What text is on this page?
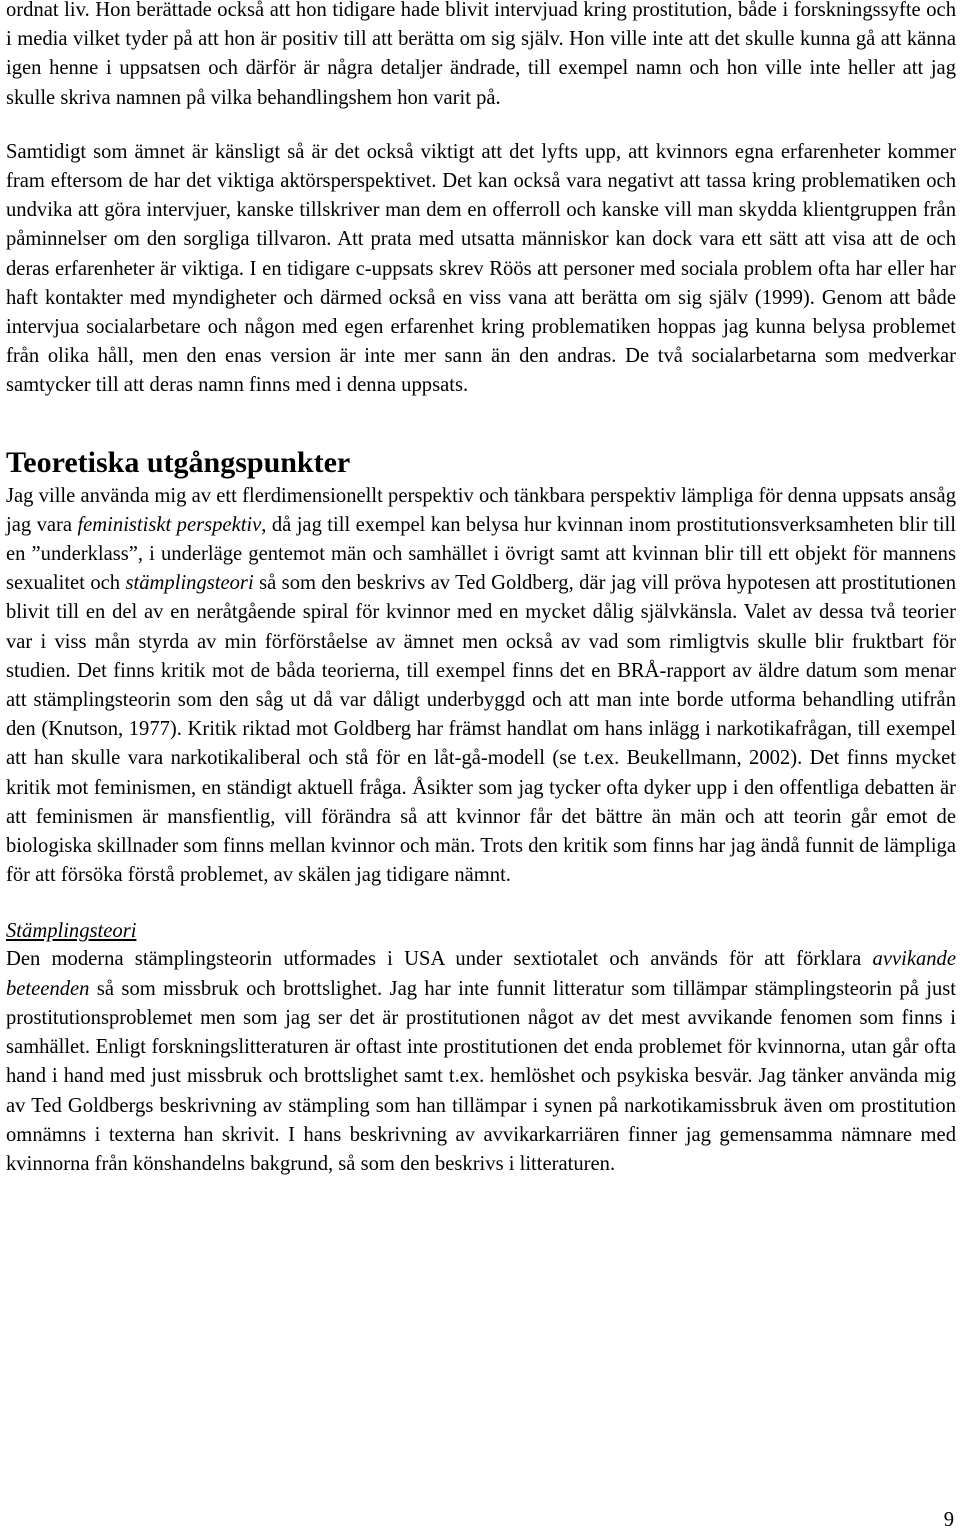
ordnat liv. Hon berättade också att hon tidigare hade blivit intervjuad kring prostitution, både i forskningssyfte och i media vilket tyder på att hon är positiv till att berätta om sig själv. Hon ville inte att det skulle kunna gå att känna igen henne i uppsatsen och därför är några detaljer ändrade, till exempel namn och hon ville inte heller att jag skulle skriva namnen på vilka behandlingshem hon varit på.

Samtidigt som ämnet är känsligt så är det också viktigt att det lyfts upp, att kvinnors egna erfarenheter kommer fram eftersom de har det viktiga aktörsperspektivet. Det kan också vara negativt att tassa kring problematiken och undvika att göra intervjuer, kanske tillskriver man dem en offerroll och kanske vill man skydda klientgruppen från påminnelser om den sorgliga tillvaron. Att prata med utsatta människor kan dock vara ett sätt att visa att de och deras erfarenheter är viktiga. I en tidigare c-uppsats skrev Röös att personer med sociala problem ofta har eller har haft kontakter med myndigheter och därmed också en viss vana att berätta om sig själv (1999). Genom att både intervjua socialarbetare och någon med egen erfarenhet kring problematiken hoppas jag kunna belysa problemet från olika håll, men den enas version är inte mer sann än den andras. De två socialarbetarna som medverkar samtycker till att deras namn finns med i denna uppsats.

Teoretiska utgångspunkter

Jag ville använda mig av ett flerdimensionellt perspektiv och tänkbara perspektiv lämpliga för denna uppsats ansåg jag vara feministiskt perspektiv, då jag till exempel kan belysa hur kvinnan inom prostitutionsverksamheten blir till en ”underklass”, i underläge gentemot män och samhället i övrigt samt att kvinnan blir till ett objekt för mannens sexualitet och stämplingsteori så som den beskrivs av Ted Goldberg, där jag vill pröva hypotesen att prostitutionen blivit till en del av en neråtgående spiral för kvinnor med en mycket dålig självkänsla. Valet av dessa två teorier var i viss mån styrda av min förförståelse av ämnet men också av vad som rimligtvis skulle blir fruktbart för studien. Det finns kritik mot de båda teorierna, till exempel finns det en BRÅ-rapport av äldre datum som menar att stämplingsteorin som den såg ut då var dåligt underbyggd och att man inte borde utforma behandling utifrån den (Knutson, 1977). Kritik riktad mot Goldberg har främst handlat om hans inlägg i narkotikafrågan, till exempel att han skulle vara narkotikaliberal och stå för en låt-gå-modell (se t.ex. Beukellmann, 2002). Det finns mycket kritik mot feminismen, en ständigt aktuell fråga. Åsikter som jag tycker ofta dyker upp i den offentliga debatten är att feminismen är mansfientlig, vill förändra så att kvinnor får det bättre än män och att teorin går emot de biologiska skillnader som finns mellan kvinnor och män. Trots den kritik som finns har jag ändå funnit de lämpliga för att försöka förstå problemet, av skälen jag tidigare nämnt.

Stämplingsteori

Den moderna stämplingsteorin utformades i USA under sextiotalet och används för att förklara avvikande beteenden så som missbruk och brottslighet. Jag har inte funnit litteratur som tillämpar stämplingsteorin på just prostitutionsproblemet men som jag ser det är prostitutionen något av det mest avvikande fenomen som finns i samhället. Enligt forskningslitteraturen är oftast inte prostitutionen det enda problemet för kvinnorna, utan går ofta hand i hand med just missbruk och brottslighet samt t.ex. hemlöshet och psykiska besvär. Jag tänker använda mig av Ted Goldbergs beskrivning av stämpling som han tillämpar i synen på narkotikamissbruk även om prostitution omnämns i texterna han skrivit. I hans beskrivning av avvikarkarriären finner jag gemensamma nämnare med kvinnorna från könshandelns bakgrund, så som den beskrivs i litteraturen.

9
